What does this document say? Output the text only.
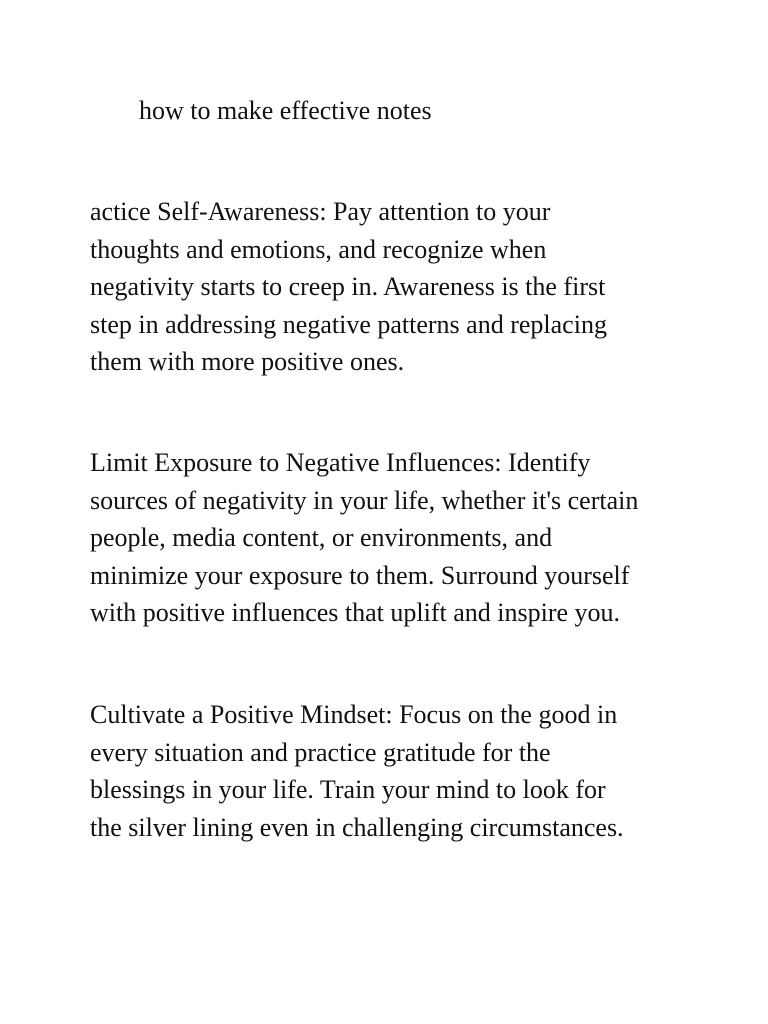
how to make effective notes

actice Self-Awareness: Pay attention to your
thoughts and emotions, and recognize when
negativity starts to creep in. Awareness is the first
step in addressing negative patterns and replacing
them with more positive ones.

Limit Exposure to Negative Influences: Identify
sources of negativity in your life, whether it's certain
people, media content, or environments, and
minimize your exposure to them. Surround yourself
with positive influences that uplift and inspire you.

Cultivate a Positive Mindset: Focus on the good in
every situation and practice gratitude for the
blessings in your life. Train your mind to look for
the silver lining even in challenging circumstances.
